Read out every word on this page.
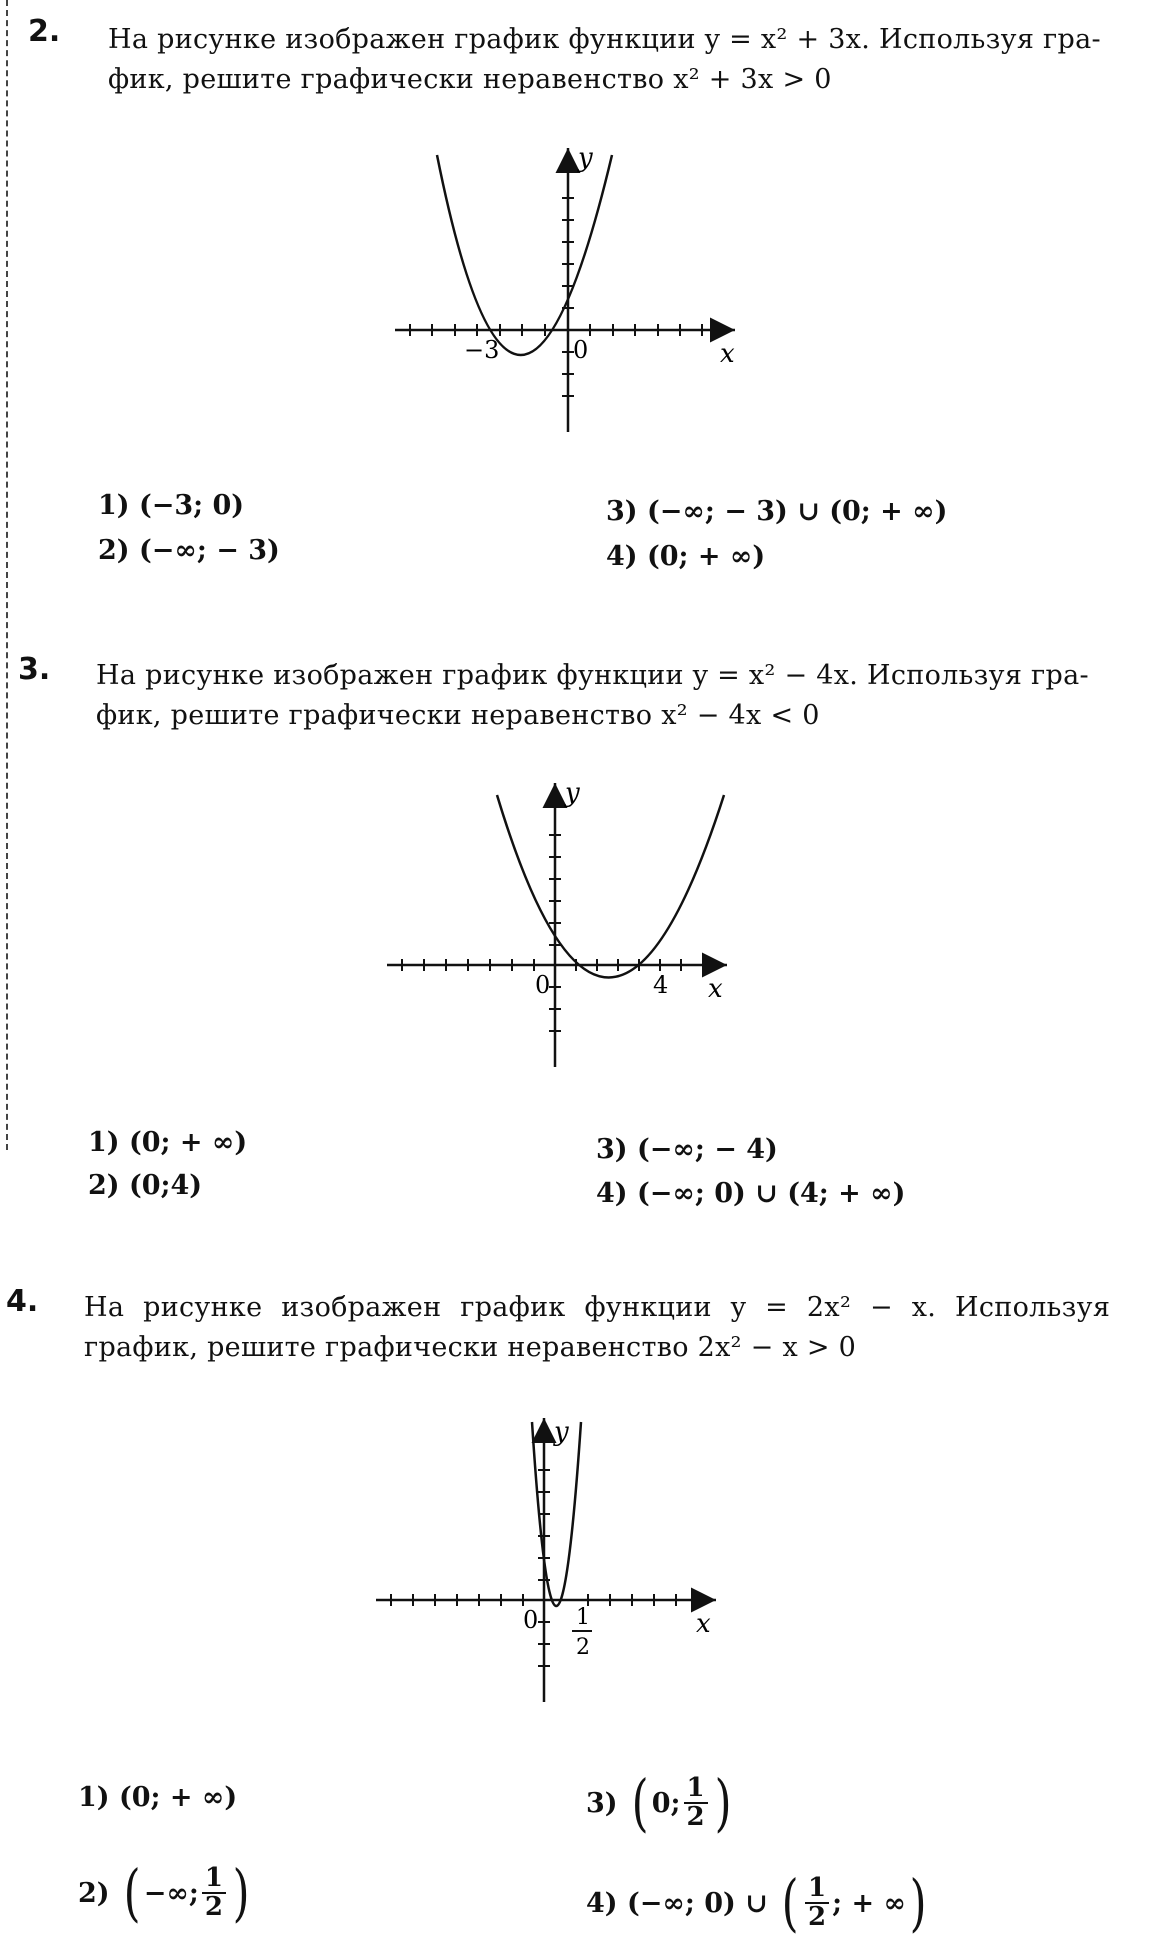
2. На рисунке изображен график функции y = x² + 3x. Используя гра-
фик, решите графически неравенство x² + 3x > 0
y
x
−3	0
1) (−3; 0)
2) (−∞; − 3)
3) (−∞; − 3) ∪ (0; + ∞)
4) (0; + ∞)
3. На рисунке изображен график функции y = x² − 4x. Используя гра-
фик, решите графически неравенство x² − 4x < 0
y
x
0	4
1) (0; + ∞)
2) (0;4)
3) (−∞; − 4)
4) (−∞; 0) ∪ (4; + ∞)
4. На рисунке изображен график функции y = 2x² − x. Используя
график, решите графически неравенство 2x² − x > 0
y
x
0 1
2
1) (0; + ∞)
2) ( −∞; $\frac{1}{2}$ )
3) ( 0; $\frac{1}{2}$ )
4) (−∞; 0) ∪ ( $\frac{1}{2}$ ; + ∞ )
